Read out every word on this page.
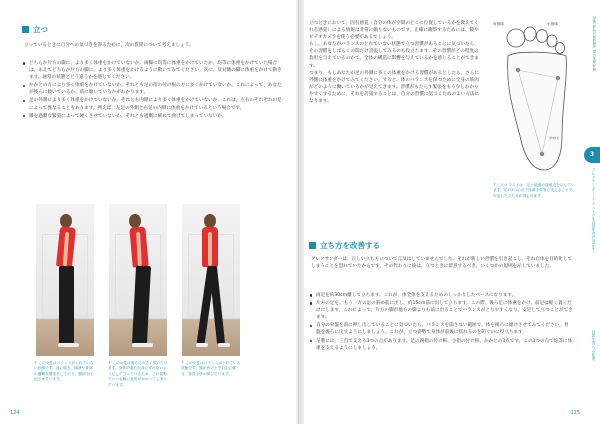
立つ
立っているときに自分への気づきを得るために、次の質問について考えましょう。
どちらか片方の脚に、より多く体重をかけていないか。両脚に均等に体重をかけていたか。均等に体重をかけていた場合は、あえてどちらか片方の脚に、より多く体重をかけるように動いてみてください。次に、反対側の脚に体重をかけて動きます。通常の状態とどう違うかを感じてください。
かかとの方により多く体重をかけていないか。それとも足の指の付け根の方に多くかけていないか。これによって、あなたが後ろに傾いているか、前に傾いているかがわかります。
足の外側により多く体重をかけていないか。それとも内側により多く体重をかけていないか。これは、左右のそれぞれの足によって異なることもあります。例えば、左足の外側と右足の内側に体重をかけているという場合です。
膝を過剰な緊張によって硬くさせていないか。それとも過剰に緩めて曲げてしまっていないか。
↑ この女性はバランスがとれていない状態です。前に傾き、頭部や背部の過剰な緊張をしており、腰部を圧迫させています。
↑ この女性は後方に大きく傾いています。身体の重心が前にずれないようにして立っているため、この姿勢でいつも腰に負担がかかってしまっています。
↑ この女性はバランスがとれている状態です。頭が首の上で自由に動き、背骨全体が伸びています。
124
立つときにおいて、固有感覚（自分の体が空間のどこに位置しているかを教えてくれる感覚）による情報は非常に頼りないものです。正確に観察するためには、鏡やビデオカメラを使う必要があるでしょう。
もし、あなたがバランスのとれていない状態で立つ習慣があることに気づいたら、その習慣をしばらくの間だけ誇張してみるのも役立ちます。その習慣がどの程度の負担を与えているのかで、全体の構造に影響を与えているかを感じることができます。
つまり、もしあなたが足の外側に多くの体重をかける習慣があるとしたら、さらに外側に体重をかけてみてください。すると、体のバランスを保つために全身の筋肉がどのように働いているかが見えてきます。習慣がもたらす緊張をもう少しわかりやすくするために、それを誇張することは、自分の習慣に気づくためのよい方法になります。
母指球	小指球
かかと
↑ このイラストは、足と地面の接地点を示しています。足の3つの点で体重を均等に支えることで、安定した立ち方が得られます。
立ち方を改善する
アレクサンダーは、正しい立ち方について言及はしていませんでした。それが新しい習慣を引き起こし、それ自体を目的化してしまうことを恐れていたからです。その代わりに彼は、立つときに留意するべき、いくつかの規則を示していました。
両足を約30cm離して立ちます。これが、体全体を支えるためのしっかりしたベースになります。
片方の足を、もう一方の足の斜め前に出し、約15cm前に出して立ちます。この際、後ろ足に体重をかけ、前足は軽く置くだけにします。これによって、片方の脚が他方の脚よりも前に出ることでバランスがとりやすくなり、安定して立つことができます。
自分の骨盤を前に押し出していることに気づいたら、バランスを崩さない範囲で、体を後ろに傾けさせてみてください。骨盤を後ろに戻すようにしましょう。これが、立つ姿勢で身体が前後に揺れるのを防ぐのに役立ちます。
足裏には、三点で支える3つの点があります。足の親指の付け根、小指の付け根、かかとの3点です。この3つの点で均等に体重を支えるようにしましょう。
THE ALEXANDER TECHNIQUE
3
アレクサンダー・テクニークを日常生活に活かす
日常生活への応用
125
